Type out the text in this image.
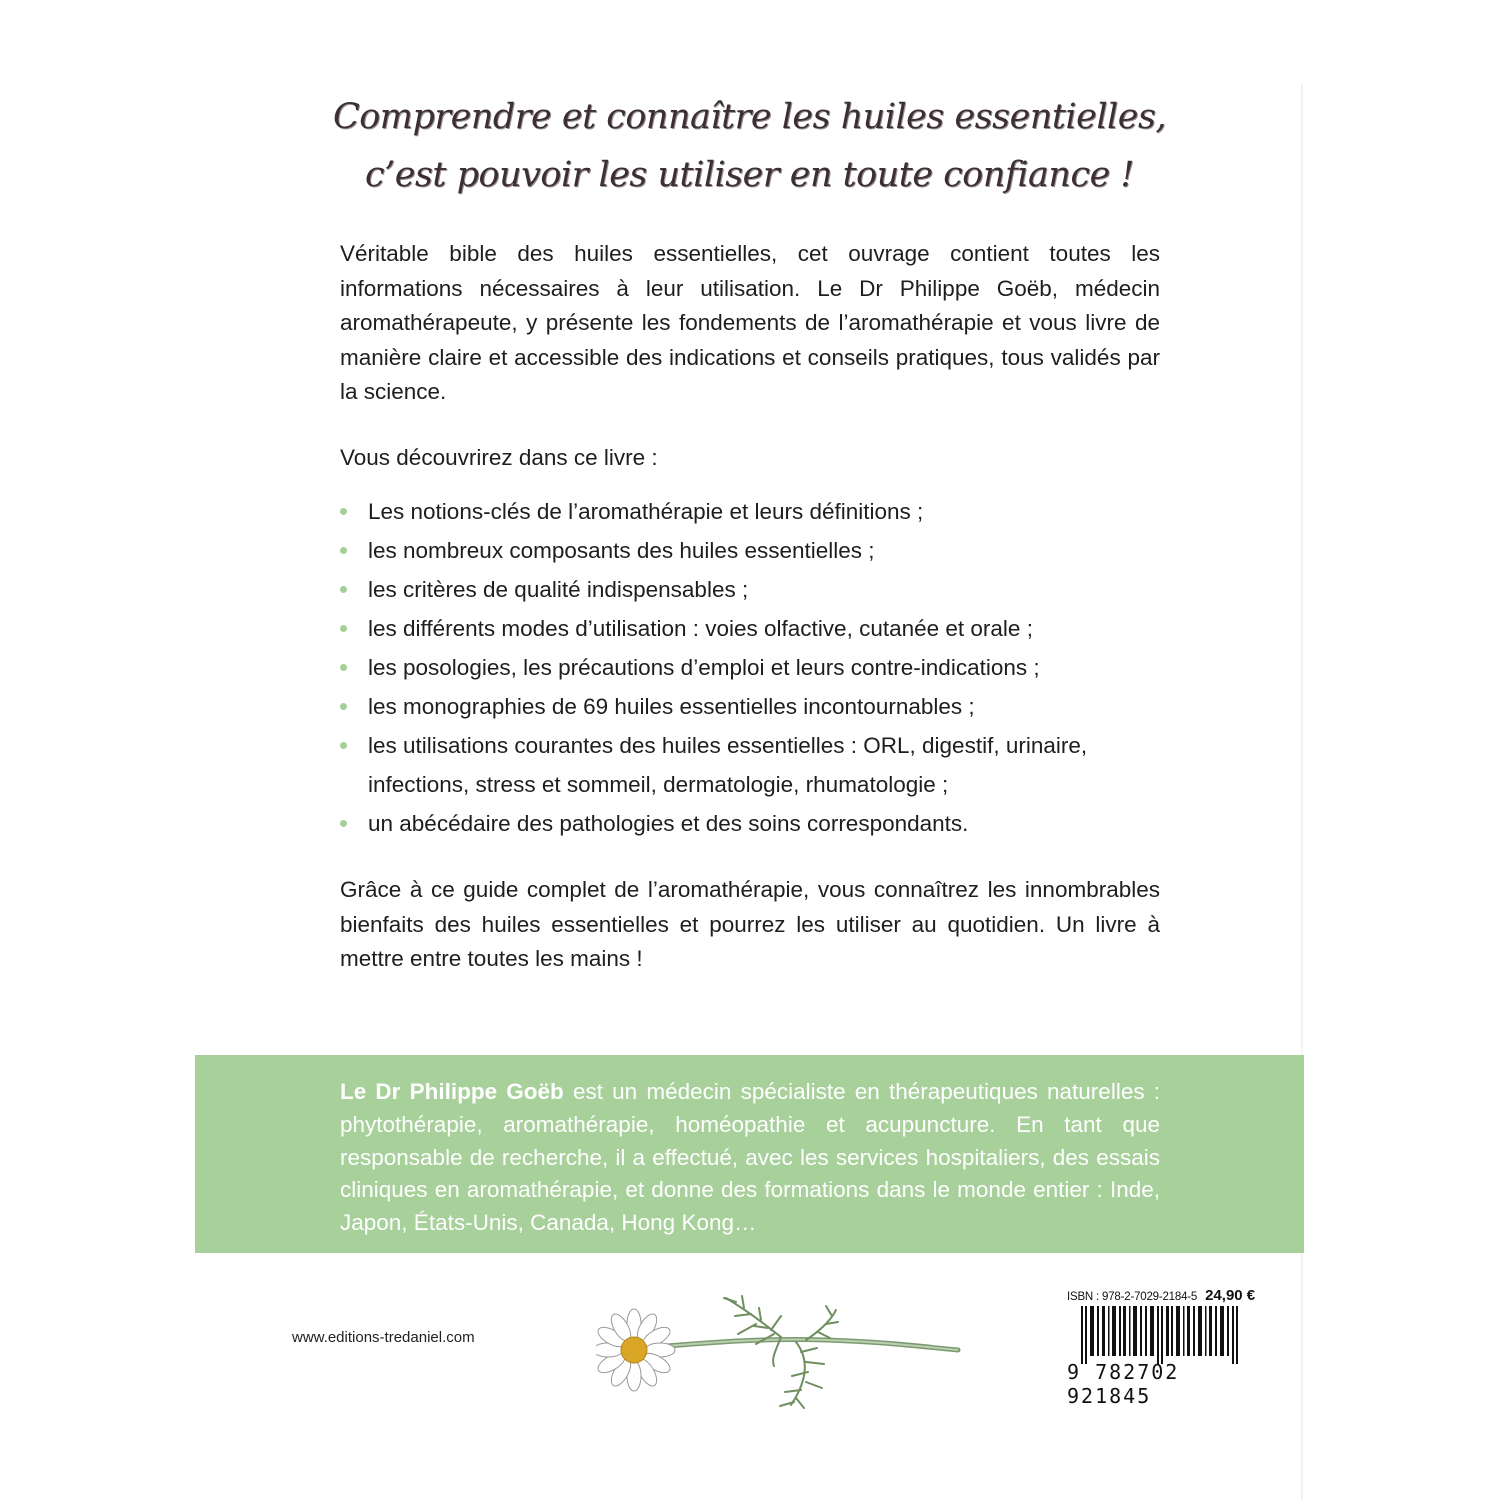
Comprendre et connaître les huiles essentielles,
c’est pouvoir les utiliser en toute confiance !

Véritable bible des huiles essentielles, cet ouvrage contient toutes les informations nécessaires à leur utilisation. Le Dr Philippe Goëb, médecin aromathérapeute, y présente les fondements de l’aromathérapie et vous livre de manière claire et accessible des indications et conseils pratiques, tous validés par la science.

Vous découvrirez dans ce livre :

Les notions-clés de l’aromathérapie et leurs définitions ;
les nombreux composants des huiles essentielles ;
les critères de qualité indispensables ;
les différents modes d’utilisation : voies olfactive, cutanée et orale ;
les posologies, les précautions d’emploi et leurs contre-indications ;
les monographies de 69 huiles essentielles incontournables ;
les utilisations courantes des huiles essentielles : ORL, digestif, urinaire, infections, stress et sommeil, dermatologie, rhumatologie ;
un abécédaire des pathologies et des soins correspondants.

Grâce à ce guide complet de l’aromathérapie, vous connaîtrez les innombrables bienfaits des huiles essentielles et pourrez les utiliser au quotidien. Un livre à mettre entre toutes les mains !

Le Dr Philippe Goëb est un médecin spécialiste en thérapeutiques naturelles : phytothérapie, aromathérapie, homéopathie et acupuncture. En tant que responsable de recherche, il a effectué, avec les services hospitaliers, des essais cliniques en aromathérapie, et donne des formations dans le monde entier : Inde, Japon, États-Unis, Canada, Hong Kong…

www.editions-tredaniel.com
ISBN : 978-2-7029-2184-5 24,90 €
9 782702 921845
